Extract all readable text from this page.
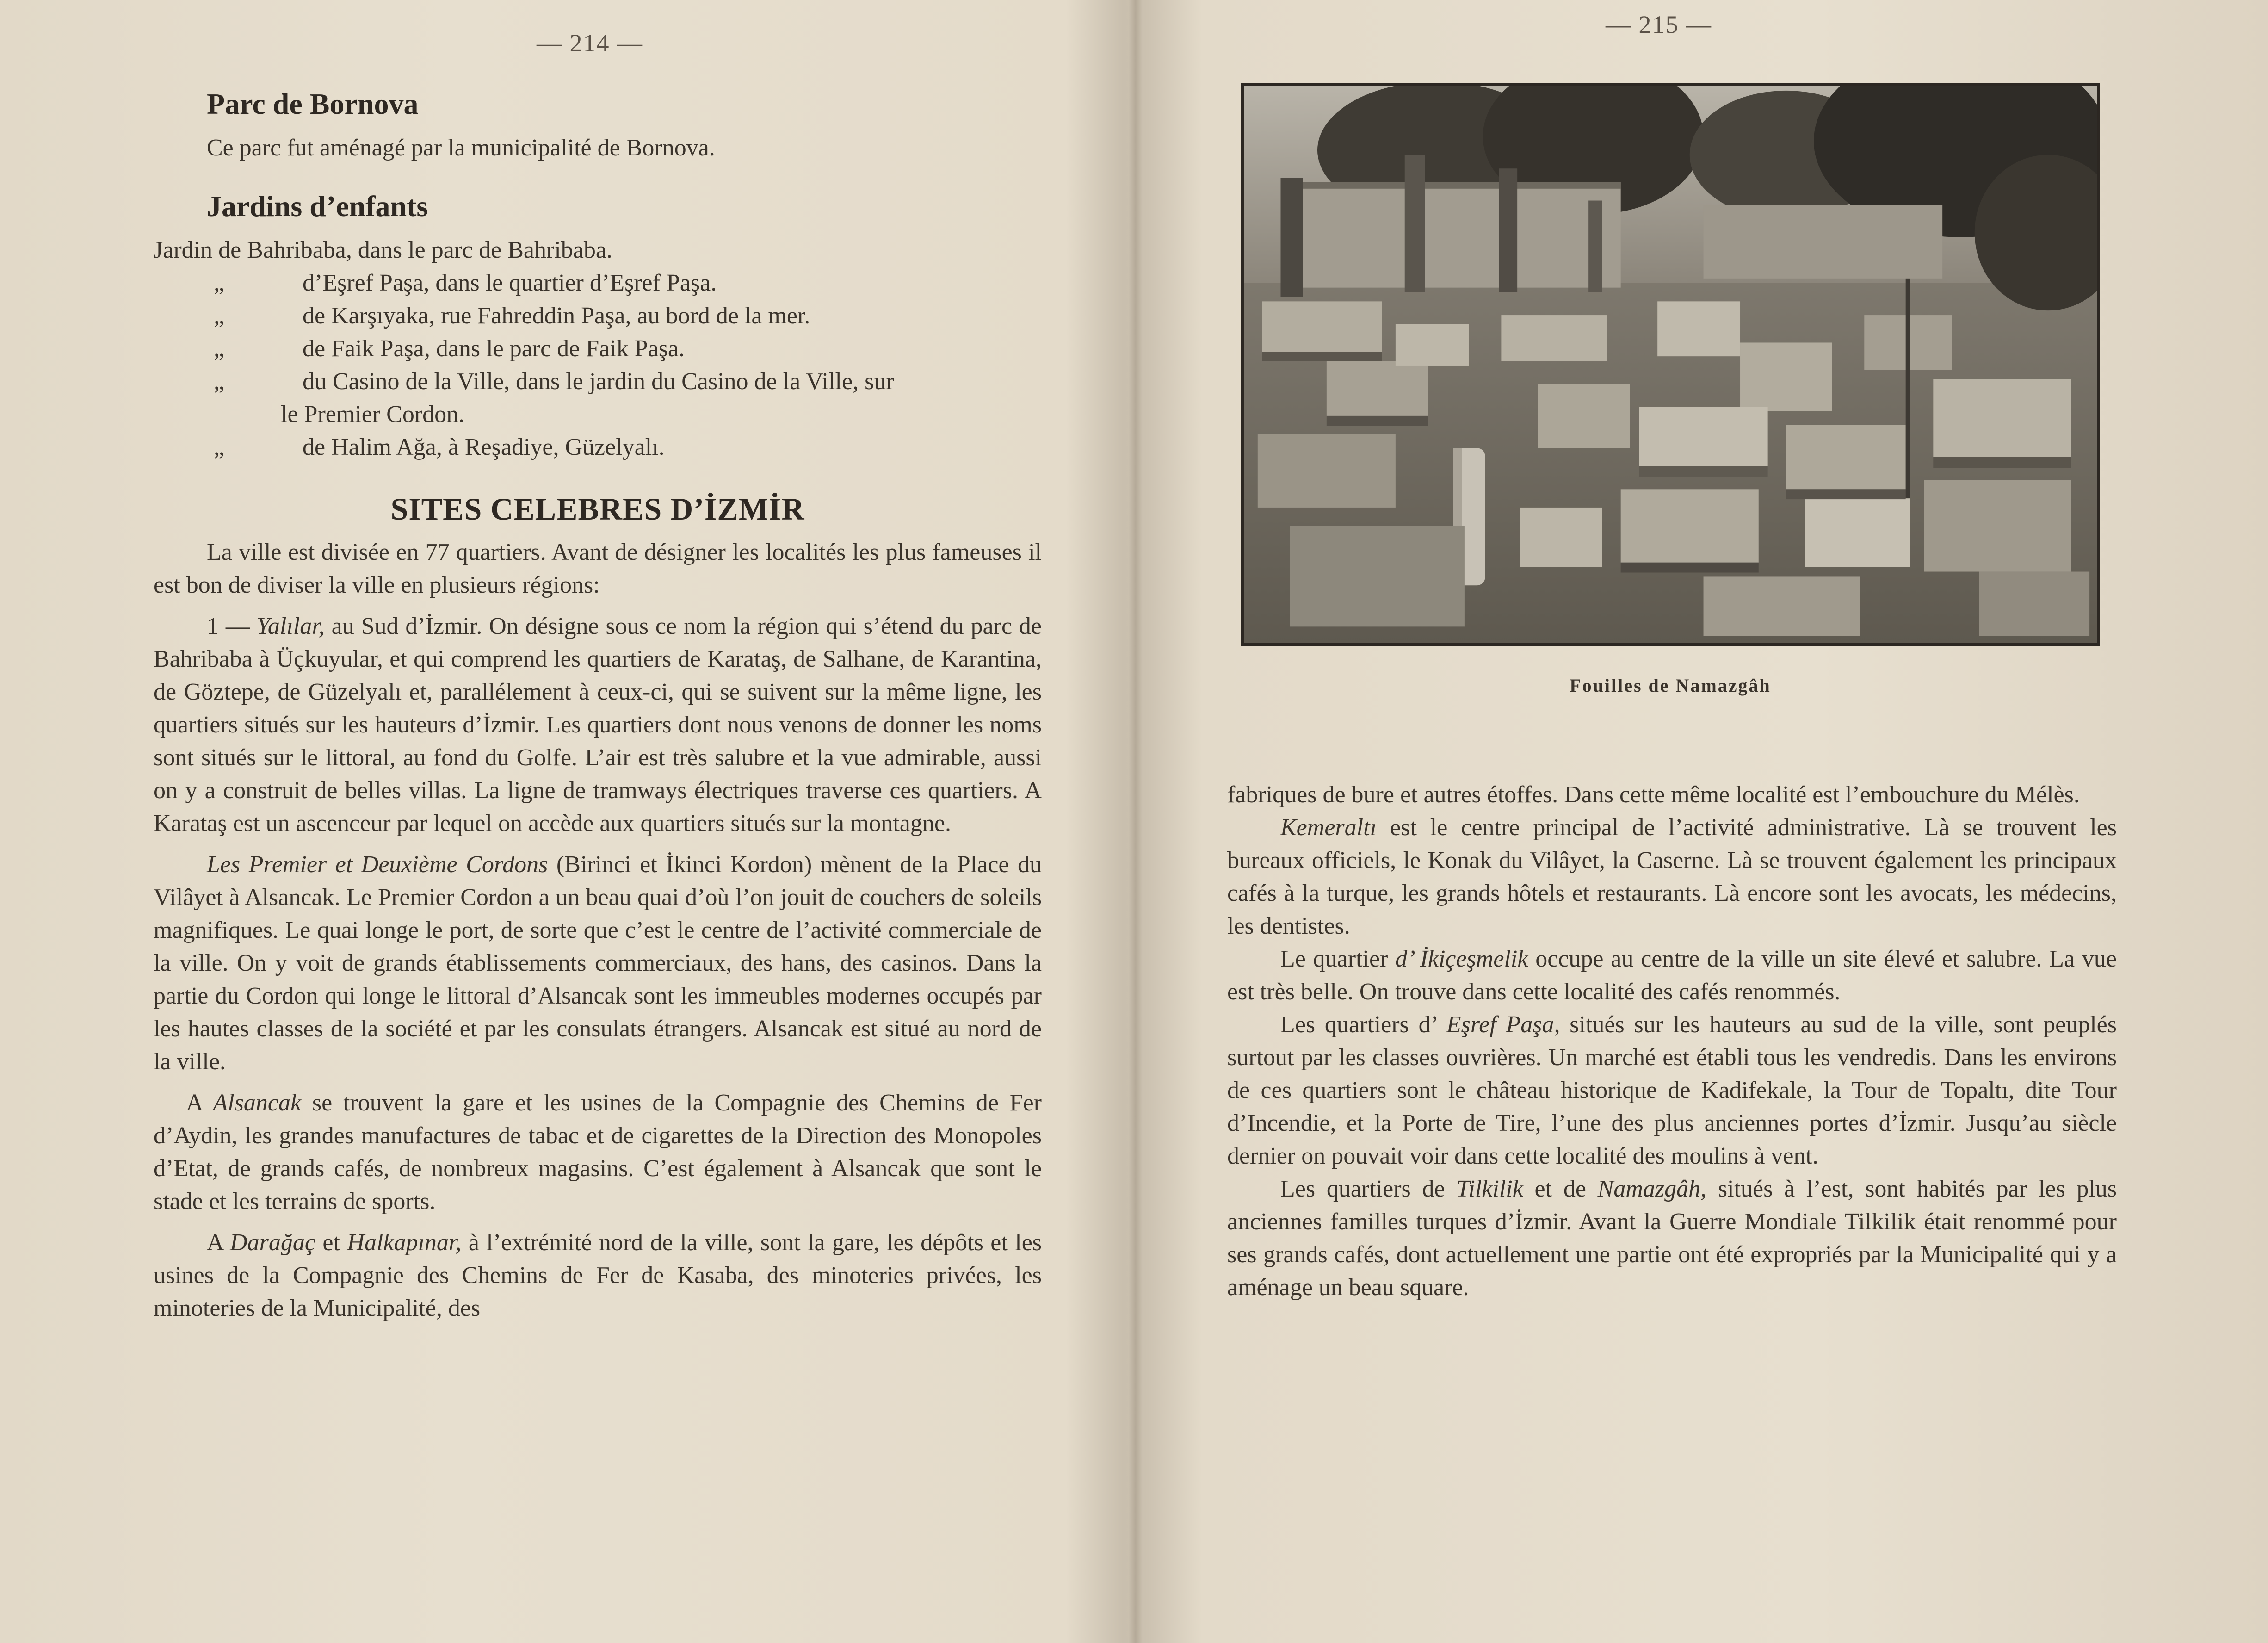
— 214 —
Parc de Bornova

Ce parc fut aménagé par la municipalité de Bornova.

Jardins d’enfants
Jardin de Bahribaba, dans le parc de Bahribaba.
„	d’Eşref Paşa, dans le quartier d’Eşref Paşa.
„	de Karşıyaka, rue Fahreddin Paşa, au bord de la mer.
„	de Faik Paşa, dans le parc de Faik Paşa.
„	du Casino de la Ville, dans le jardin du Casino de la Ville, sur
le Premier Cordon.
„	de Halim Ağa, à Reşadiye, Güzelyalı.
SITES CELEBRES D’İZMİR

La ville est divisée en 77 quartiers. Avant de désigner les localités les plus fameuses il est bon de diviser la ville en plusieurs régions:

1 — Yalılar, au Sud d’İzmir. On désigne sous ce nom la région qui s’étend du parc de Bahribaba à Üçkuyular, et qui comprend les quartiers de Karataş, de Salhane, de Karantina, de Göztepe, de Güzelyalı et, parallélement à ceux-ci, qui se suivent sur la même ligne, les quartiers situés sur les hauteurs d’İzmir. Les quartiers dont nous venons de donner les noms sont situés sur le littoral, au fond du Golfe. L’air est très salubre et la vue admirable, aussi on y a construit de belles villas. La ligne de tramways électriques traverse ces quartiers. A Karataş est un ascenceur par lequel on accède aux quartiers situés sur la montagne.

Les Premier et Deuxième Cordons (Birinci et İkinci Kordon) mènent de la Place du Vilâyet à Alsancak. Le Premier Cordon a un beau quai d’où l’on jouit de couchers de soleils magnifiques. Le quai longe le port, de sorte que c’est le centre de l’activité commerciale de la ville. On y voit de grands établissements commerciaux, des hans, des casinos. Dans la partie du Cordon qui longe le littoral d’Alsancak sont les immeubles modernes occupés par les hautes classes de la société et par les consulats étrangers. Alsancak est situé au nord de la ville.

A Alsancak se trouvent la gare et les usines de la Compagnie des Chemins de Fer d’Aydin, les grandes manufactures de tabac et de cigarettes de la Direction des Monopoles d’Etat, de grands cafés, de nombreux magasins. C’est également à Alsancak que sont le stade et les terrains de sports.

A Darağaç et Halkapınar, à l’extrémité nord de la ville, sont la gare, les dépôts et les usines de la Compagnie des Chemins de Fer de Kasaba, des minoteries privées, les minoteries de la Municipalité, des

— 215 —
Fouilles de Namazgâh

fabriques de bure et autres étoffes. Dans cette même localité est l’embouchure du Mélès.

Kemeraltı est le centre principal de l’activité administrative. Là se trouvent les bureaux officiels, le Konak du Vilâyet, la Caserne. Là se trouvent également les principaux cafés à la turque, les grands hôtels et restaurants. Là encore sont les avocats, les médecins, les dentistes.

Le quartier d’ İkiçeşmelik occupe au centre de la ville un site élevé et salubre. La vue est très belle. On trouve dans cette localité des cafés renommés.

Les quartiers d’ Eşref Paşa, situés sur les hauteurs au sud de la ville, sont peuplés surtout par les classes ouvrières. Un marché est établi tous les vendredis. Dans les environs de ces quartiers sont le château historique de Kadifekale, la Tour de Topaltı, dite Tour d’Incendie, et la Porte de Tire, l’une des plus anciennes portes d’İzmir. Jusqu’au siècle dernier on pouvait voir dans cette localité des moulins à vent.

Les quartiers de Tilkilik et de Namazgâh, situés à l’est, sont habités par les plus anciennes familles turques d’İzmir. Avant la Guerre Mondiale Tilkilik était renommé pour ses grands cafés, dont actuellement une partie ont été expropriés par la Municipalité qui y a aménage un beau square.
